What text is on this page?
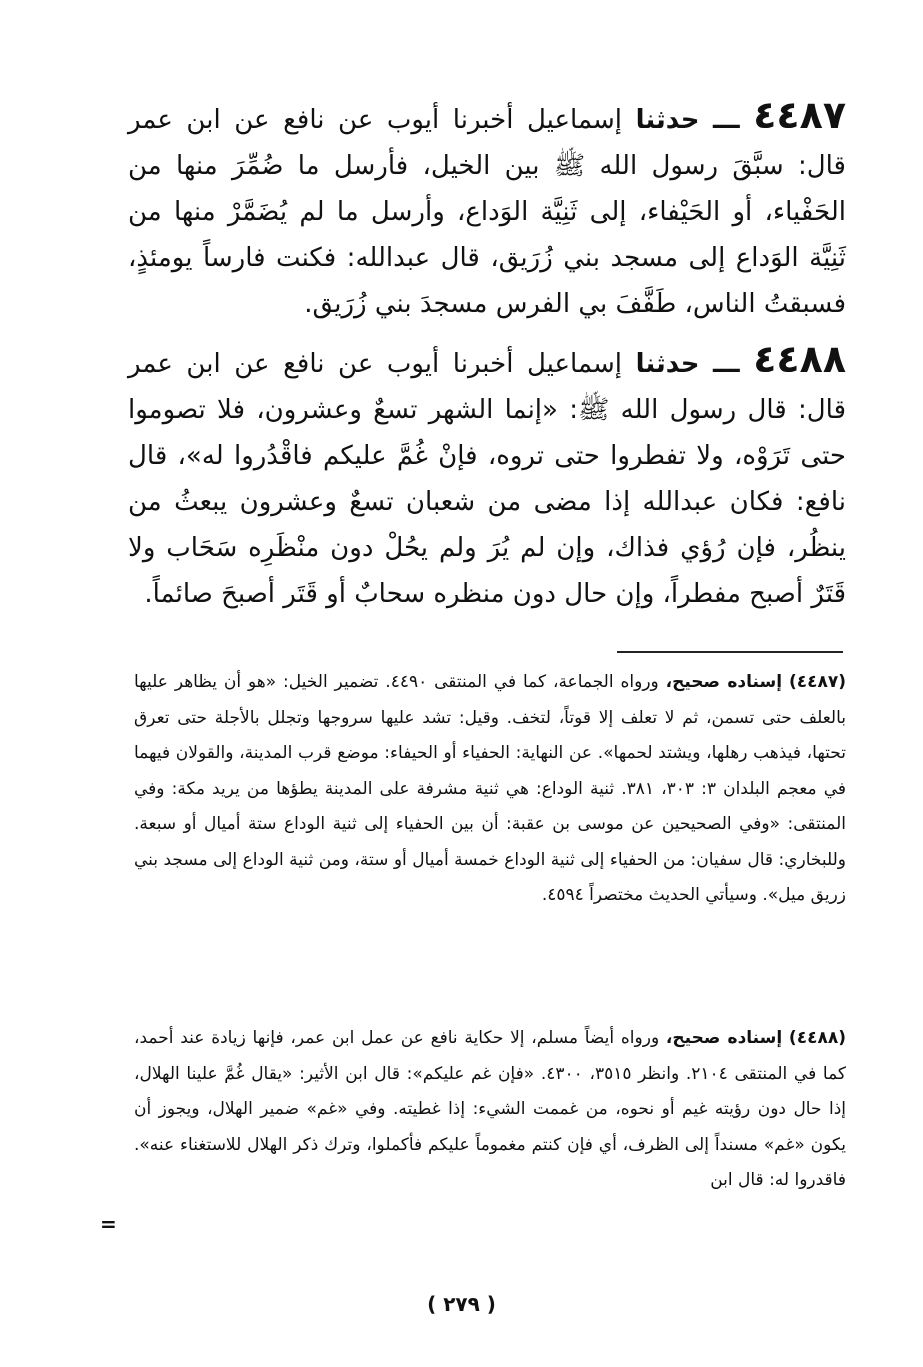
٤٤٨٧ ـــ حدثنا إسماعيل أخبرنا أيوب عن نافع عن ابن عمر قال: سبَّقَ رسول الله ﷺ بين الخيل، فأرسل ما ضُمِّرَ منها من الحَفْياء، أو الحَيْفاء، إلى ثَنِيَّة الوَداع، وأرسل ما لم يُضَمَّرْ منها من ثَنِيَّة الوَداع إلى مسجد بني زُرَيق، قال عبدالله: فكنت فارساً يومئذٍ، فسبقتُ الناس، طَفَّفَ بي الفرس مسجدَ بني زُرَيق.

٤٤٨٨ ـــ حدثنا إسماعيل أخبرنا أيوب عن نافع عن ابن عمر قال: قال رسول الله ﷺ: «إنما الشهر تسعٌ وعشرون، فلا تصوموا حتى تَرَوْه، ولا تفطروا حتى تروه، فإنْ غُمَّ عليكم فاقْدُروا له»، قال نافع: فكان عبدالله إذا مضى من شعبان تسعٌ وعشرون يبعثُ من ينظُر، فإن رُؤي فذاك، وإن لم يُرَ ولم يحُلْ دون منْظَرِه سَحَاب ولا قَتَرٌ أصبح مفطراً، وإن حال دون منظره سحابٌ أو قَتَر أصبحَ صائماً.

(٤٤٨٧) إسناده صحيح، ورواه الجماعة، كما في المنتقى ٤٤٩٠. تضمير الخيل: «هو أن يظاهر عليها بالعلف حتى تسمن، ثم لا تعلف إلا قوتاً، لتخف. وقيل: تشد عليها سروجها وتجلل بالأجلة حتى تعرق تحتها، فيذهب رهلها، ويشتد لحمها». عن النهاية: الحفياء أو الحيفاء: موضع قرب المدينة، والقولان فيهما في معجم البلدان ٣: ٣٠٣، ٣٨١. ثنية الوداع: هي ثنية مشرفة على المدينة يطؤها من يريد مكة: وفي المنتقى: «وفي الصحيحين عن موسى بن عقبة: أن بين الحفياء إلى ثنية الوداع ستة أميال أو سبعة. وللبخاري: قال سفيان: من الحفياء إلى ثنية الوداع خمسة أميال أو ستة، ومن ثنية الوداع إلى مسجد بني زريق ميل». وسيأتي الحديث مختصراً ٤٥٩٤.

(٤٤٨٨) إسناده صحيح، ورواه أيضاً مسلم، إلا حكاية نافع عن عمل ابن عمر، فإنها زيادة عند أحمد، كما في المنتقى ٢١٠٤. وانظر ٣٥١٥، ٤٣٠٠. «فإن غم عليكم»: قال ابن الأثير: «يقال غُمَّ علينا الهلال، إذا حال دون رؤيته غيم أو نحوه، من غممت الشيء: إذا غطيته. وفي «غم» ضمير الهلال، ويجوز أن يكون «غم» مسنداً إلى الظرف، أي فإن كنتم مغموماً عليكم فأكملوا، وترك ذكر الهلال للاستغناء عنه». فاقدروا له: قال ابن

=
( ٢٧٩ )
